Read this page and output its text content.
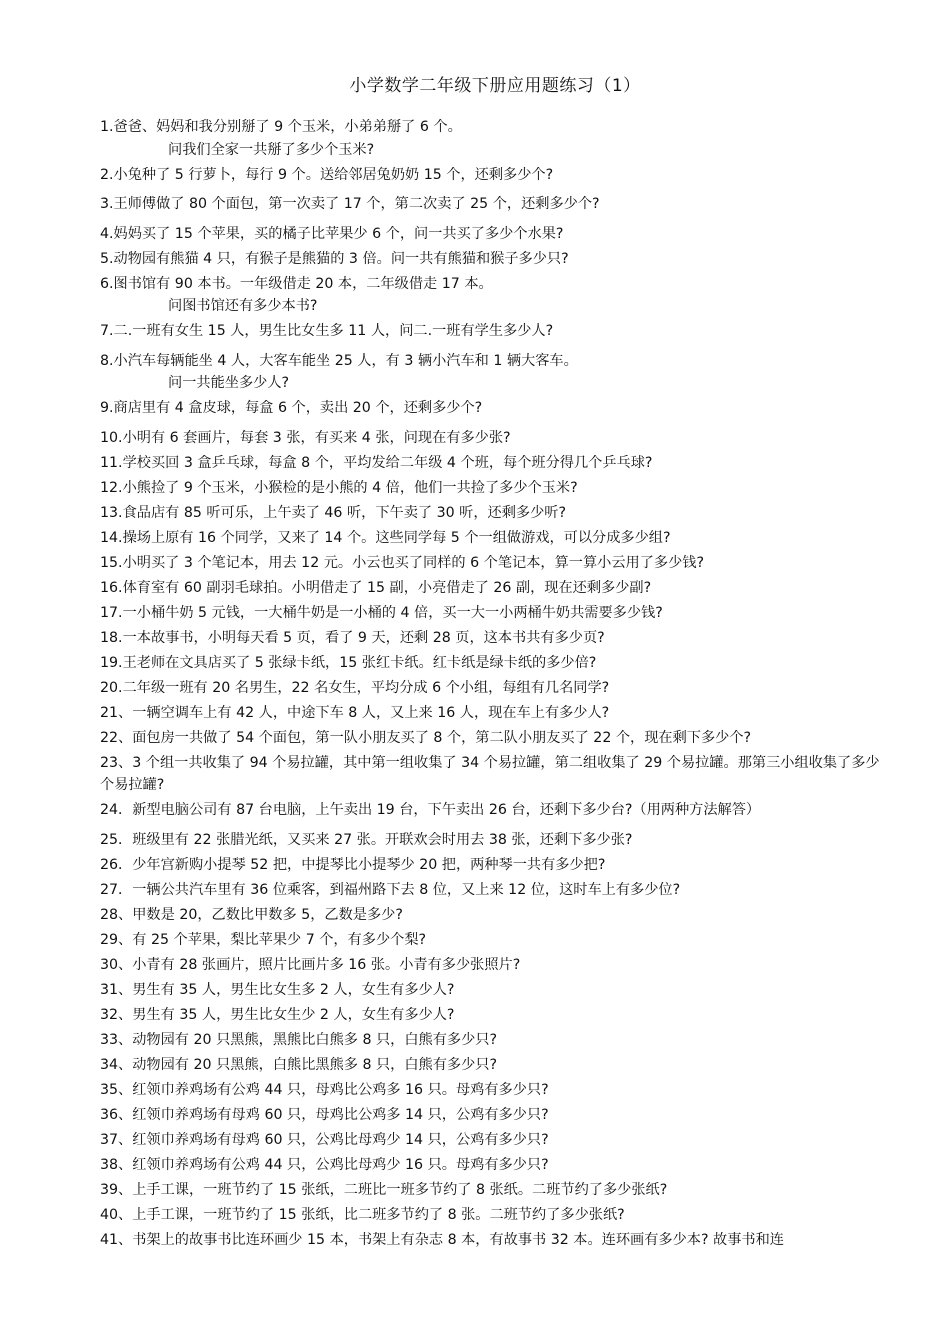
小学数学二年级下册应用题练习（1）
1.爸爸、妈妈和我分别掰了 9 个玉米，小弟弟掰了 6 个。
问我们全家一共掰了多少个玉米?
2.小兔种了 5 行萝卜，每行 9 个。送给邻居兔奶奶 15 个，还剩多少个?
3.王师傅做了 80 个面包，第一次卖了 17 个，第二次卖了 25 个，还剩多少个?
4.妈妈买了 15 个苹果，买的橘子比苹果少 6 个，问一共买了多少个水果?
5.动物园有熊猫 4 只，有猴子是熊猫的 3 倍。问一共有熊猫和猴子多少只?
6.图书馆有 90 本书。一年级借走 20 本，二年级借走 17 本。
问图书馆还有多少本书?
7.二.一班有女生 15 人，男生比女生多 11 人，问二.一班有学生多少人?
8.小汽车每辆能坐 4 人，大客车能坐 25 人，有 3 辆小汽车和 1 辆大客车。
问一共能坐多少人?
9.商店里有 4 盒皮球，每盒 6 个，卖出 20 个，还剩多少个?
10.小明有 6 套画片，每套 3 张，有买来 4 张，问现在有多少张?
11.学校买回 3 盒乒乓球，每盒 8 个，平均发给二年级 4 个班，每个班分得几个乒乓球?
12.小熊捡了 9 个玉米，小猴检的是小熊的 4 倍，他们一共捡了多少个玉米?
13.食品店有 85 听可乐，上午卖了 46 听，下午卖了 30 听，还剩多少听?
14.操场上原有 16 个同学，又来了 14 个。这些同学每 5 个一组做游戏，可以分成多少组?
15.小明买了 3 个笔记本，用去 12 元。小云也买了同样的 6 个笔记本，算一算小云用了多少钱?
16.体育室有 60 副羽毛球拍。小明借走了 15 副，小亮借走了 26 副，现在还剩多少副?
17.一小桶牛奶 5 元钱，一大桶牛奶是一小桶的 4 倍，买一大一小两桶牛奶共需要多少钱?
18.一本故事书，小明每天看 5 页，看了 9 天，还剩 28 页，这本书共有多少页?
19.王老师在文具店买了 5 张绿卡纸，15 张红卡纸。红卡纸是绿卡纸的多少倍?
20.二年级一班有 20 名男生，22 名女生，平均分成 6 个小组，每组有几名同学?
21、一辆空调车上有 42 人，中途下车 8 人，又上来 16 人，现在车上有多少人?
22、面包房一共做了 54 个面包，第一队小朋友买了 8 个，第二队小朋友买了 22 个，现在剩下多少个?
23、3 个组一共收集了 94 个易拉罐，其中第一组收集了 34 个易拉罐，第二组收集了 29 个易拉罐。那第三小组收集了多少个易拉罐?
24．新型电脑公司有 87 台电脑，上午卖出 19 台，下午卖出 26 台，还剩下多少台?（用两种方法解答）
25．班级里有 22 张腊光纸，又买来 27 张。开联欢会时用去 38 张，还剩下多少张?
26．少年宫新购小提琴 52 把，中提琴比小提琴少 20 把，两种琴一共有多少把?
27．一辆公共汽车里有 36 位乘客，到福州路下去 8 位，又上来 12 位，这时车上有多少位?
28、甲数是 20，乙数比甲数多 5，乙数是多少?
29、有 25 个苹果，梨比苹果少 7 个，有多少个梨?
30、小青有 28 张画片，照片比画片多 16 张。小青有多少张照片?
31、男生有 35 人，男生比女生多 2 人，女生有多少人?
32、男生有 35 人，男生比女生少 2 人，女生有多少人?
33、动物园有 20 只黑熊，黑熊比白熊多 8 只，白熊有多少只?
34、动物园有 20 只黑熊，白熊比黑熊多 8 只，白熊有多少只?
35、红领巾养鸡场有公鸡 44 只，母鸡比公鸡多 16 只。母鸡有多少只?
36、红领巾养鸡场有母鸡 60 只，母鸡比公鸡多 14 只，公鸡有多少只?
37、红领巾养鸡场有母鸡 60 只，公鸡比母鸡少 14 只，公鸡有多少只?
38、红领巾养鸡场有公鸡 44 只，公鸡比母鸡少 16 只。母鸡有多少只?
39、上手工课，一班节约了 15 张纸，二班比一班多节约了 8 张纸。二班节约了多少张纸?
40、上手工课，一班节约了 15 张纸，比二班多节约了 8 张。二班节约了多少张纸?
41、书架上的故事书比连环画少 15 本，书架上有杂志 8 本，有故事书 32 本。连环画有多少本? 故事书和连
